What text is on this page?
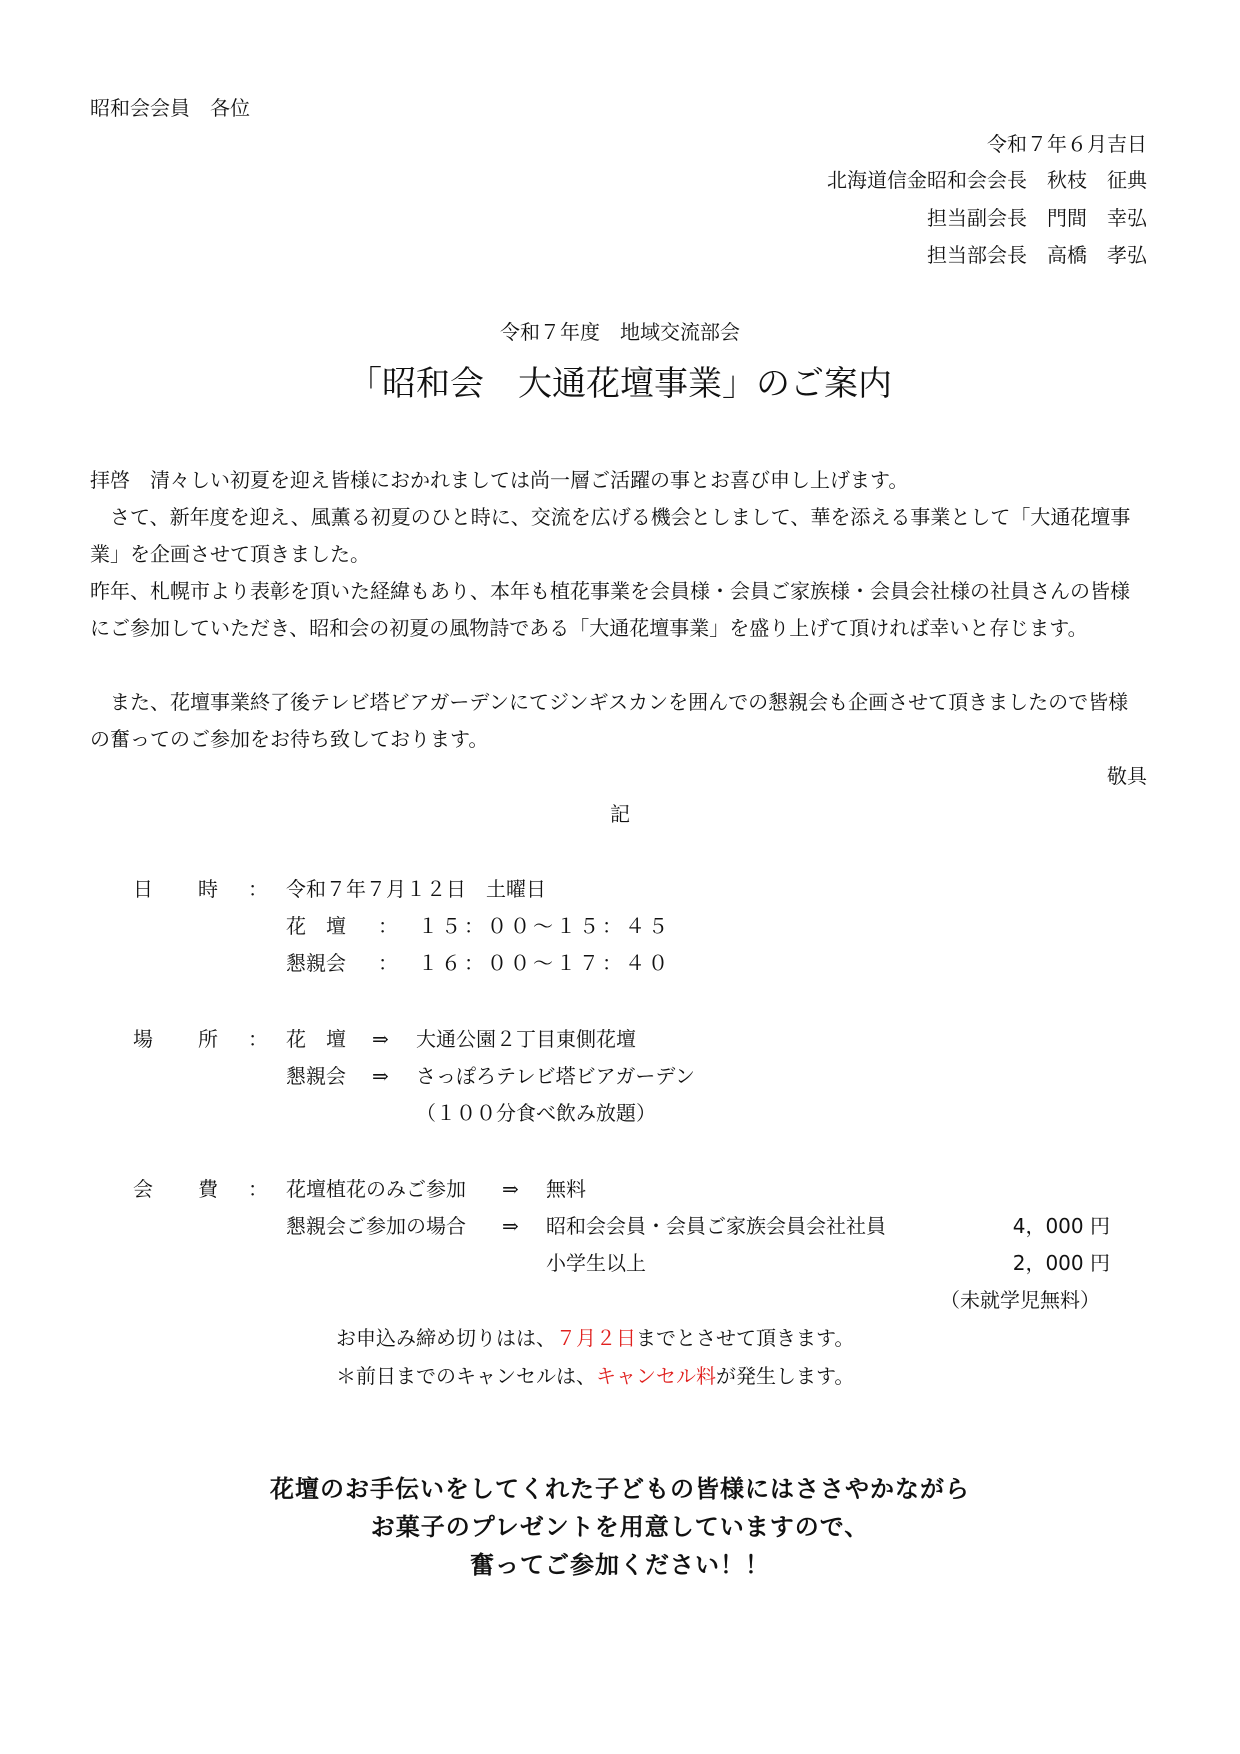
昭和会会員　各位
令和７年６月吉日
北海道信金昭和会会長　秋枝　征典
担当副会長　門間　幸弘
担当部会長　高橋　孝弘
令和７年度　地域交流部会
「昭和会　大通花壇事業」のご案内
拝啓　清々しい初夏を迎え皆様におかれましては尚一層ご活躍の事とお喜び申し上げます。
　さて、新年度を迎え、風薫る初夏のひと時に、交流を広げる機会としまして、華を添える事業として「大通花壇事業」を企画させて頂きました。
昨年、札幌市より表彰を頂いた経緯もあり、本年も植花事業を会員様・会員ご家族様・会員会社様の社員さんの皆様にご参加していただき、昭和会の初夏の風物詩である「大通花壇事業」を盛り上げて頂ければ幸いと存じます。
　また、花壇事業終了後テレビ塔ビアガーデンにてジンギスカンを囲んでの懇親会も企画させて頂きましたので皆様の奮ってのご参加をお待ち致しております。
敬具
記
日 時 ： 令和７年７月１２日　土曜日
花　壇 ： １５：００～１５：４５
懇親会 ： １６：００～１７：４０
場 所 ： 花　壇 ⇒ 大通公園２丁目東側花壇
懇親会 ⇒ さっぽろテレビ塔ビアガーデン
（１００分食べ飲み放題）
会 費 ： 花壇植花のみご参加 ⇒ 無料
懇親会ご参加の場合 ⇒ 昭和会会員・会員ご家族会員会社社員	4，000 円
小学生以上	2，000 円
（未就学児無料）
お申込み締め切りはは、７月２日までとさせて頂きます。
＊前日までのキャンセルは、キャンセル料が発生します。
花壇のお手伝いをしてくれた子どもの皆様にはささやかながら
お菓子のプレゼントを用意していますので、
奮ってご参加ください！！
